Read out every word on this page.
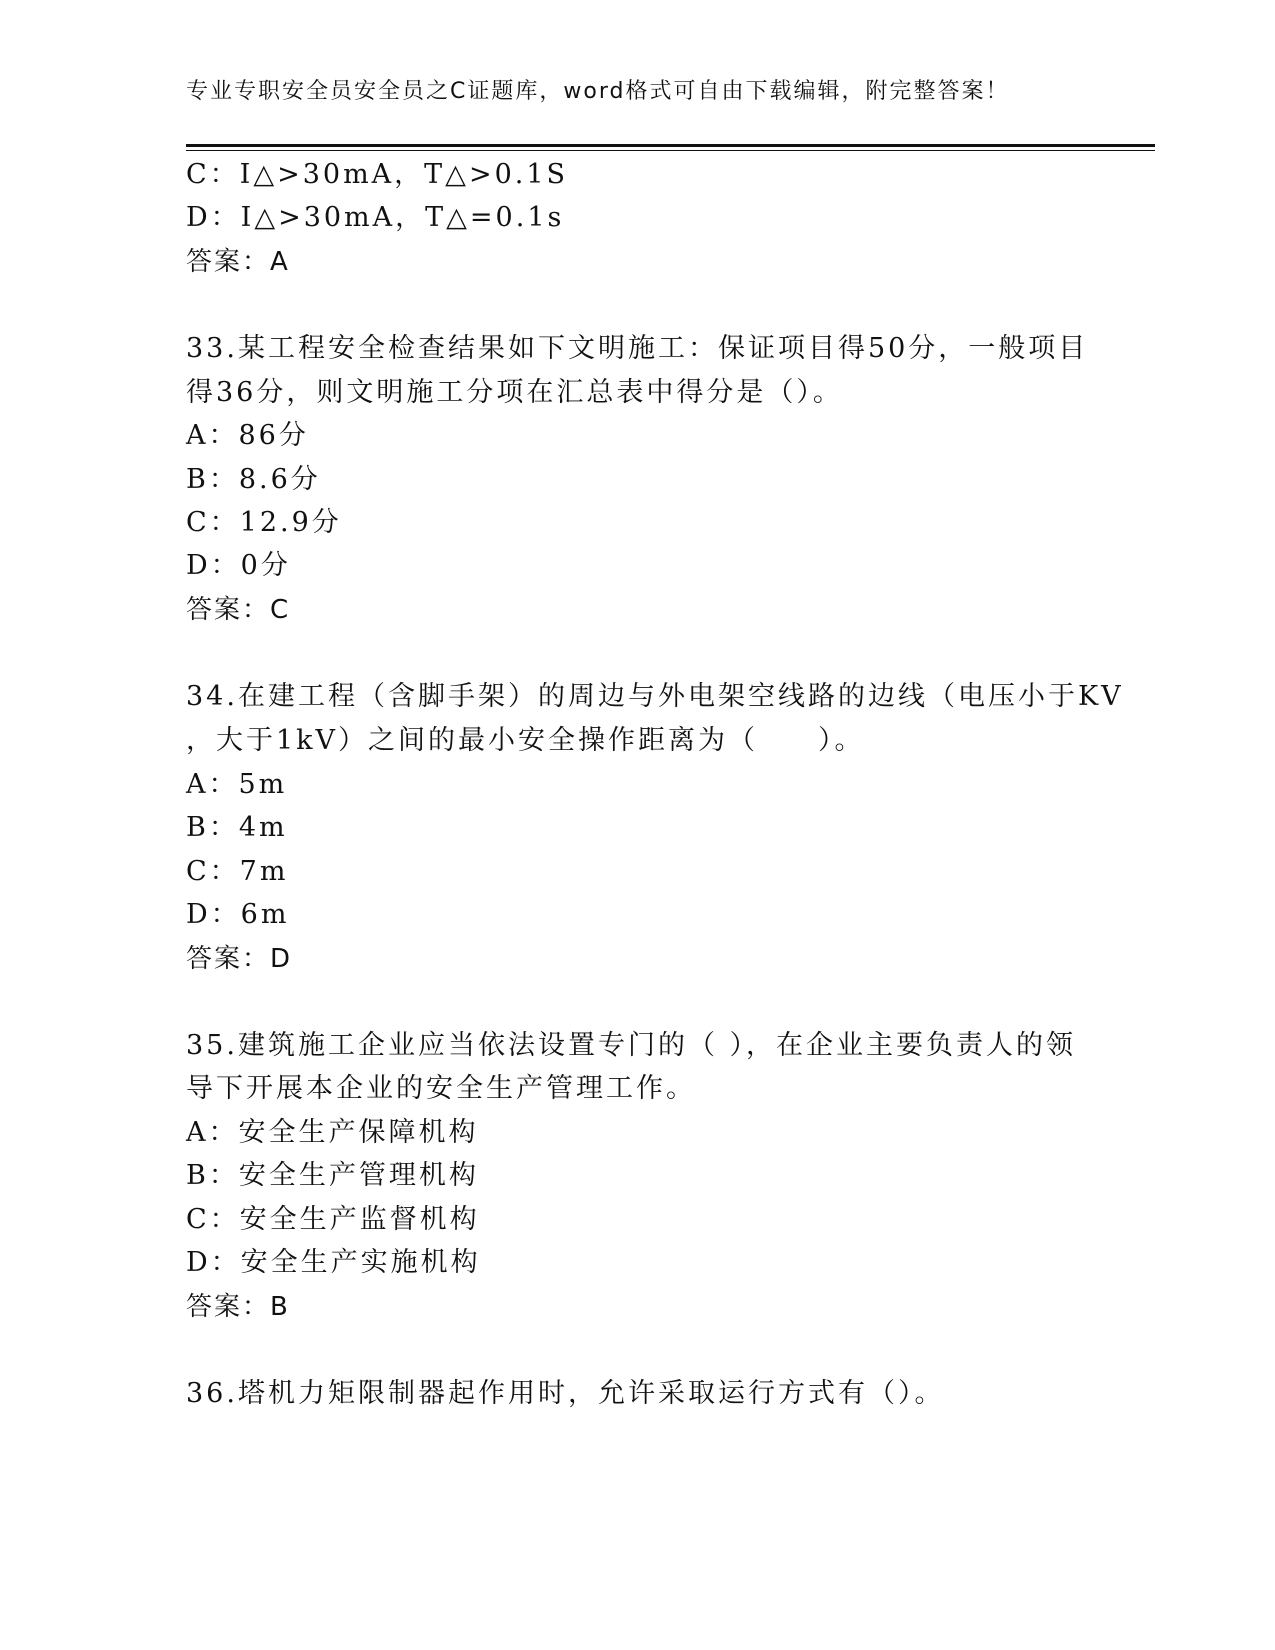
专业专职安全员安全员之C证题库，word格式可自由下载编辑，附完整答案！
C：I△>30mA，T△>0.1S
D：I△>30mA，T△=0.1s
答案：A
33.某工程安全检查结果如下文明施工：保证项目得50分，一般项目
得36分，则文明施工分项在汇总表中得分是（）。
A：86分
B：8.6分
C：12.9分
D：0分
答案：C
34.在建工程（含脚手架）的周边与外电架空线路的边线（电压小于KV
，大于1kV）之间的最小安全操作距离为（　　）。
A：5m
B：4m
C：7m
D：6m
答案：D
35.建筑施工企业应当依法设置专门的（ ），在企业主要负责人的领
导下开展本企业的安全生产管理工作。
A：安全生产保障机构
B：安全生产管理机构
C：安全生产监督机构
D：安全生产实施机构
答案：B
36.塔机力矩限制器起作用时，允许采取运行方式有（）。
